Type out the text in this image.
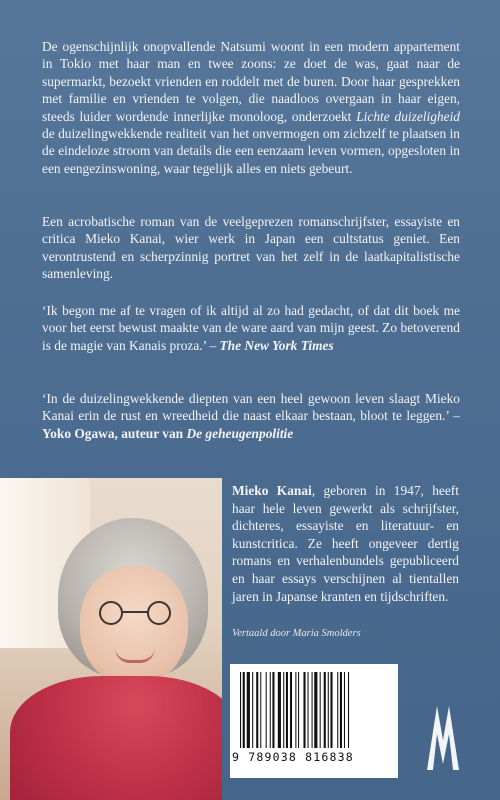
De ogenschijnlijk onopvallende Natsumi woont in een modern appartement in Tokio met haar man en twee zoons: ze doet de was, gaat naar de supermarkt, bezoekt vrienden en roddelt met de buren. Door haar gesprekken met familie en vrienden te volgen, die naadloos overgaan in haar eigen, steeds luider wordende innerlijke monoloog, onderzoekt Lichte duizeligheid de duizelingwekkende realiteit van het onvermogen om zichzelf te plaatsen in de eindeloze stroom van details die een eenzaam leven vormen, opgesloten in een eengezinswoning, waar tegelijk alles en niets gebeurt.

Een acrobatische roman van de veelgeprezen romanschrijfster, essayiste en critica Mieko Kanai, wier werk in Japan een cultstatus geniet. Een verontrustend en scherpzinnig portret van het zelf in de laatkapitalistische samenleving.

‘Ik begon me af te vragen of ik altijd al zo had gedacht, of dat dit boek me voor het eerst bewust maakte van de ware aard van mijn geest. Zo betoverend is de magie van Kanais proza.’ – The New York Times

‘In de duizelingwekkende diepten van een heel gewoon leven slaagt Mieko Kanai erin de rust en wreedheid die naast elkaar bestaan, bloot te leggen.’ – Yoko Ogawa, auteur van De geheugenpolitie

Mieko Kanai, geboren in 1947, heeft haar hele leven gewerkt als schrijfster, dichteres, essayiste en literatuur- en kunstcritica. Ze heeft ongeveer dertig romans en verhalenbundels gepubliceerd en haar essays verschijnen al tientallen jaren in Japanse kranten en tijdschriften.

Vertaald door Maria Smolders
9 789038 816838
